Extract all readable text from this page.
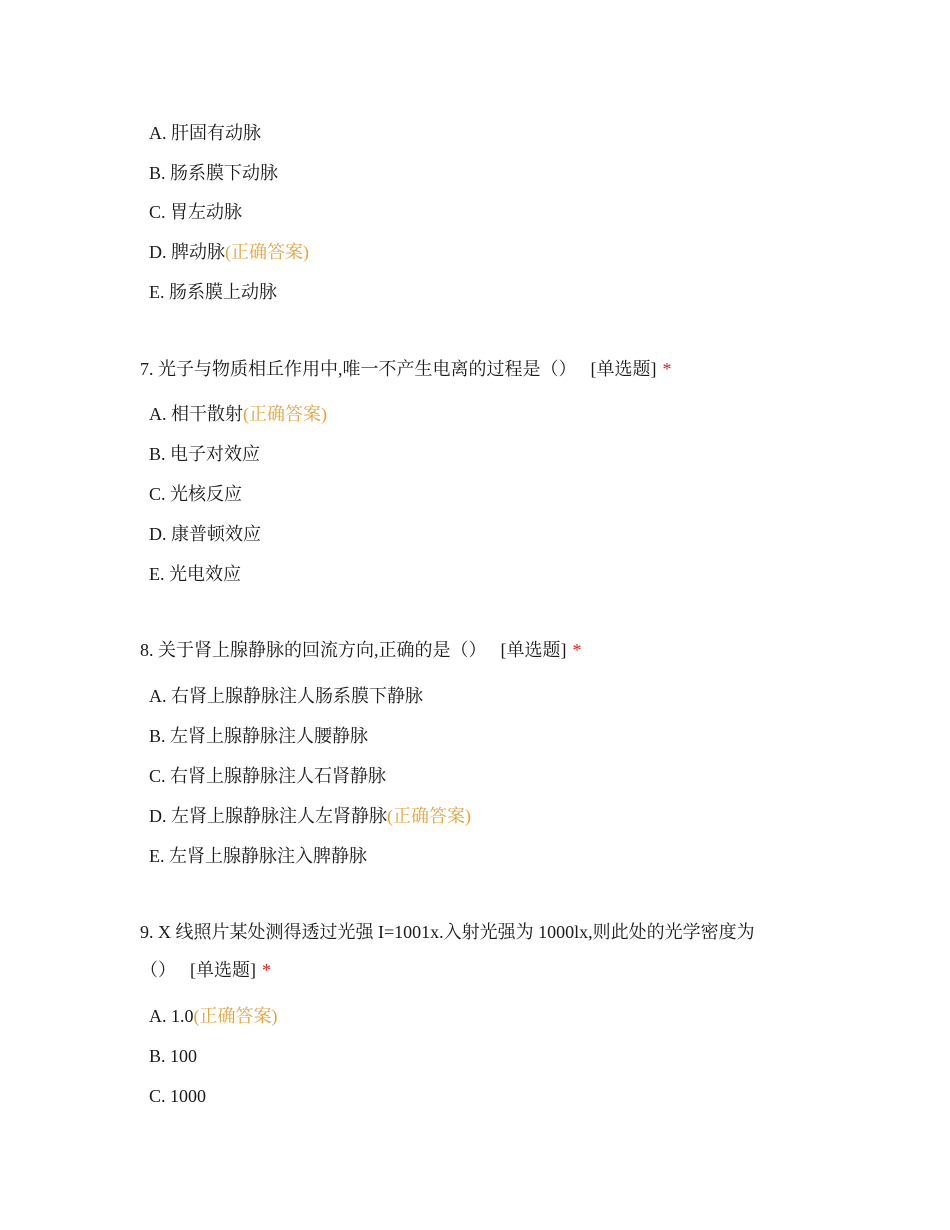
A. 肝固有动脉
B. 肠系膜下动脉
C. 胃左动脉
D. 脾动脉(正确答案)
E. 肠系膜上动脉
7. 光子与物质相丘作用中,唯一不产生电离的过程是（） [单选题] *
A. 相干散射(正确答案)
B. 电子对效应
C. 光核反应
D. 康普顿效应
E. 光电效应
8. 关于肾上腺静脉的回流方向,正确的是（） [单选题] *
A. 右肾上腺静脉注人肠系膜下静脉
B. 左肾上腺静脉注人腰静脉
C. 右肾上腺静脉注人石肾静脉
D. 左肾上腺静脉注人左肾静脉(正确答案)
E. 左肾上腺静脉注入脾静脉
9. X 线照片某处测得透过光强 I=1001x.入射光强为 1000lx,则此处的光学密度为
（） [单选题] *
A. 1.0(正确答案)
B. 100
C. 1000
